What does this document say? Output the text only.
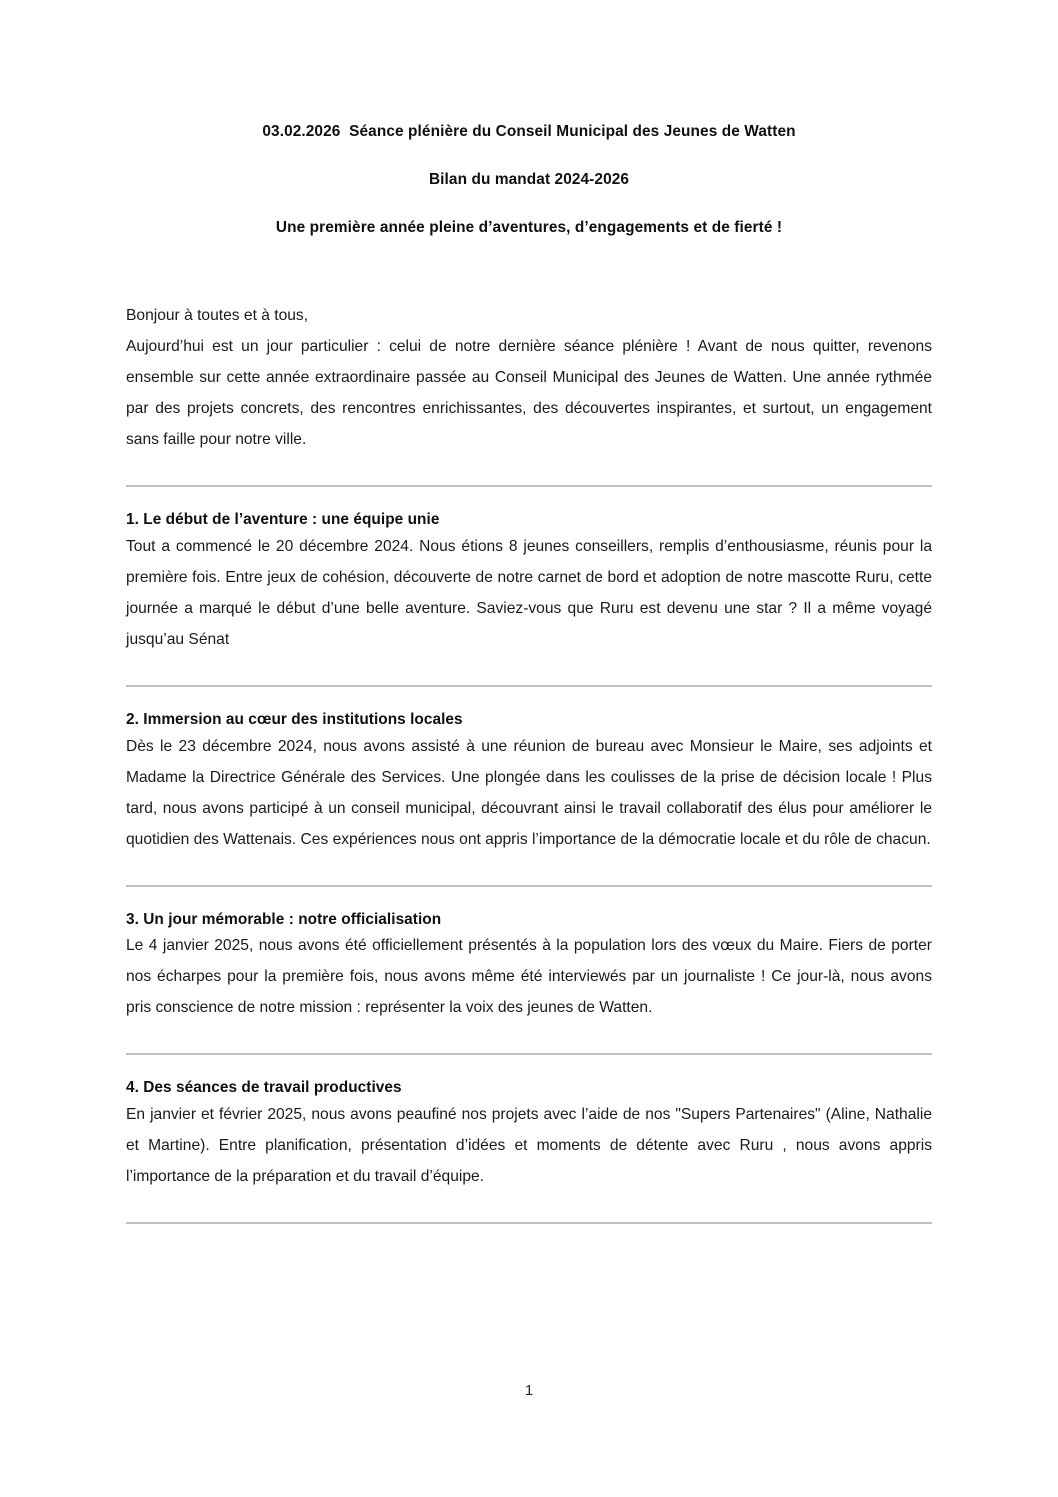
03.02.2026  Séance plénière du Conseil Municipal des Jeunes de Watten
Bilan du mandat 2024-2026
Une première année pleine d’aventures, d’engagements et de fierté !
Bonjour à toutes et à tous,

Aujourd’hui est un jour particulier : celui de notre dernière séance plénière ! Avant de nous quitter, revenons ensemble sur cette année extraordinaire passée au Conseil Municipal des Jeunes de Watten. Une année rythmée par des projets concrets, des rencontres enrichissantes, des découvertes inspirantes, et surtout, un engagement sans faille pour notre ville.

1. Le début de l’aventure : une équipe unie

Tout a commencé le 20 décembre 2024. Nous étions 8 jeunes conseillers, remplis d’enthousiasme, réunis pour la première fois. Entre jeux de cohésion, découverte de notre carnet de bord et adoption de notre mascotte Ruru, cette journée a marqué le début d’une belle aventure. Saviez-vous que Ruru est devenu une star ? Il a même voyagé jusqu’au Sénat

2. Immersion au cœur des institutions locales

Dès le 23 décembre 2024, nous avons assisté à une réunion de bureau avec Monsieur le Maire, ses adjoints et Madame la Directrice Générale des Services. Une plongée dans les coulisses de la prise de décision locale ! Plus tard, nous avons participé à un conseil municipal, découvrant ainsi le travail collaboratif des élus pour améliorer le quotidien des Wattenais. Ces expériences nous ont appris l’importance de la démocratie locale et du rôle de chacun.

3. Un jour mémorable : notre officialisation

Le 4 janvier 2025, nous avons été officiellement présentés à la population lors des vœux du Maire. Fiers de porter nos écharpes pour la première fois, nous avons même été interviewés par un journaliste ! Ce jour-là, nous avons pris conscience de notre mission : représenter la voix des jeunes de Watten.

4. Des séances de travail productives

En janvier et février 2025, nous avons peaufiné nos projets avec l’aide de nos "Supers Partenaires" (Aline, Nathalie et Martine). Entre planification, présentation d’idées et moments de détente avec Ruru , nous avons appris l’importance de la préparation et du travail d’équipe.

1
